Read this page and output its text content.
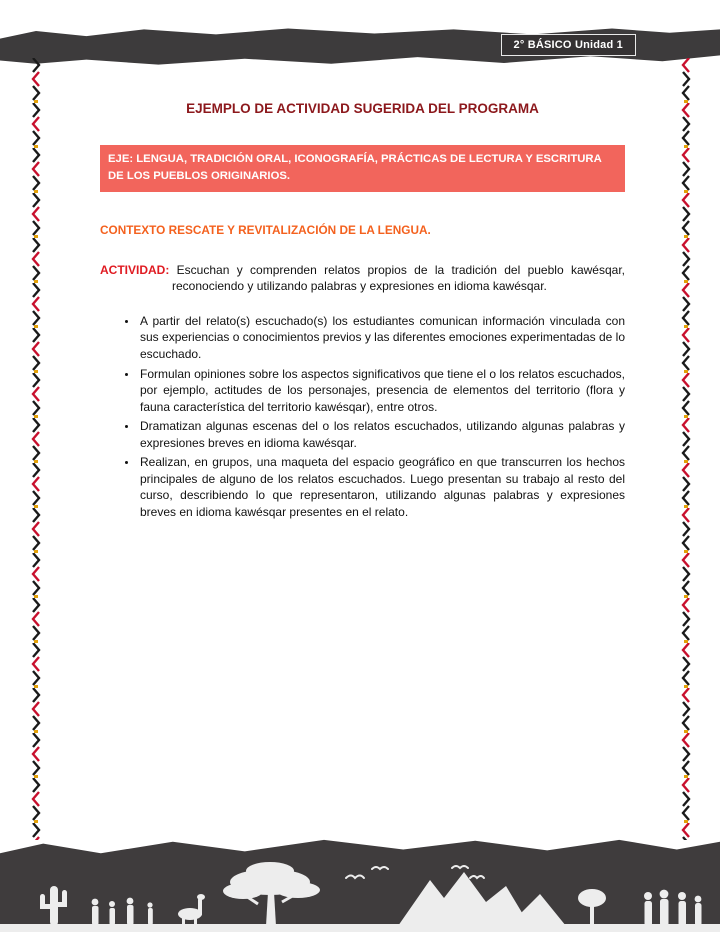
2° BÁSICO Unidad 1
EJEMPLO DE ACTIVIDAD SUGERIDA DEL PROGRAMA
EJE: LENGUA, TRADICIÓN ORAL, ICONOGRAFÍA, PRÁCTICAS DE LECTURA Y ESCRITURA DE LOS PUEBLOS ORIGINARIOS.
CONTEXTO RESCATE Y REVITALIZACIÓN DE LA LENGUA.

ACTIVIDAD: Escuchan y comprenden relatos propios de la tradición del pueblo kawésqar, reconociendo y utilizando palabras y expresiones en idioma kawésqar.

• A partir del relato(s) escuchado(s) los estudiantes comunican información vinculada con sus experiencias o conocimientos previos y las diferentes emociones experimentadas de lo escuchado.
• Formulan opiniones sobre los aspectos significativos que tiene el o los relatos escuchados, por ejemplo, actitudes de los personajes, presencia de elementos del territorio (flora y fauna característica del territorio kawésqar), entre otros.
• Dramatizan algunas escenas del o los relatos escuchados, utilizando algunas palabras y expresiones breves en idioma kawésqar.
• Realizan, en grupos, una maqueta del espacio geográfico en que transcurren los hechos principales de alguno de los relatos escuchados. Luego presentan su trabajo al resto del curso, describiendo lo que representaron, utilizando algunas palabras y expresiones breves en idioma kawésqar presentes en el relato.
